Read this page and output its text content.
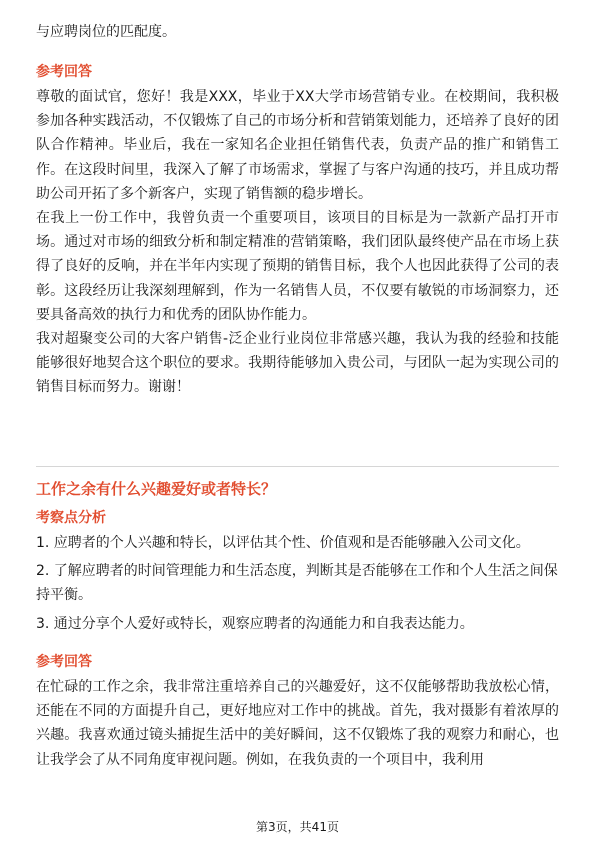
与应聘岗位的匹配度。

参考回答

尊敬的面试官，您好！我是XXX，毕业于XX大学市场营销专业。在校期间，我积极参加各种实践活动，不仅锻炼了自己的市场分析和营销策划能力，还培养了良好的团队合作精神。毕业后，我在一家知名企业担任销售代表，负责产品的推广和销售工作。在这段时间里，我深入了解了市场需求，掌握了与客户沟通的技巧，并且成功帮助公司开拓了多个新客户，实现了销售额的稳步增长。

在我上一份工作中，我曾负责一个重要项目，该项目的目标是为一款新产品打开市场。通过对市场的细致分析和制定精准的营销策略，我们团队最终使产品在市场上获得了良好的反响，并在半年内实现了预期的销售目标，我个人也因此获得了公司的表彰。这段经历让我深刻理解到，作为一名销售人员，不仅要有敏锐的市场洞察力，还要具备高效的执行力和优秀的团队协作能力。

我对超聚变公司的大客户销售-泛企业行业岗位非常感兴趣，我认为我的经验和技能能够很好地契合这个职位的要求。我期待能够加入贵公司，与团队一起为实现公司的销售目标而努力。谢谢！

工作之余有什么兴趣爱好或者特长？

考察点分析

1. 应聘者的个人兴趣和特长，以评估其个性、价值观和是否能够融入公司文化。

2. 了解应聘者的时间管理能力和生活态度，判断其是否能够在工作和个人生活之间保持平衡。

3. 通过分享个人爱好或特长，观察应聘者的沟通能力和自我表达能力。

参考回答

在忙碌的工作之余，我非常注重培养自己的兴趣爱好，这不仅能够帮助我放松心情，还能在不同的方面提升自己，更好地应对工作中的挑战。首先，我对摄影有着浓厚的兴趣。我喜欢通过镜头捕捉生活中的美好瞬间，这不仅锻炼了我的观察力和耐心，也让我学会了从不同角度审视问题。例如，在我负责的一个项目中，我利用

第3页，共41页
